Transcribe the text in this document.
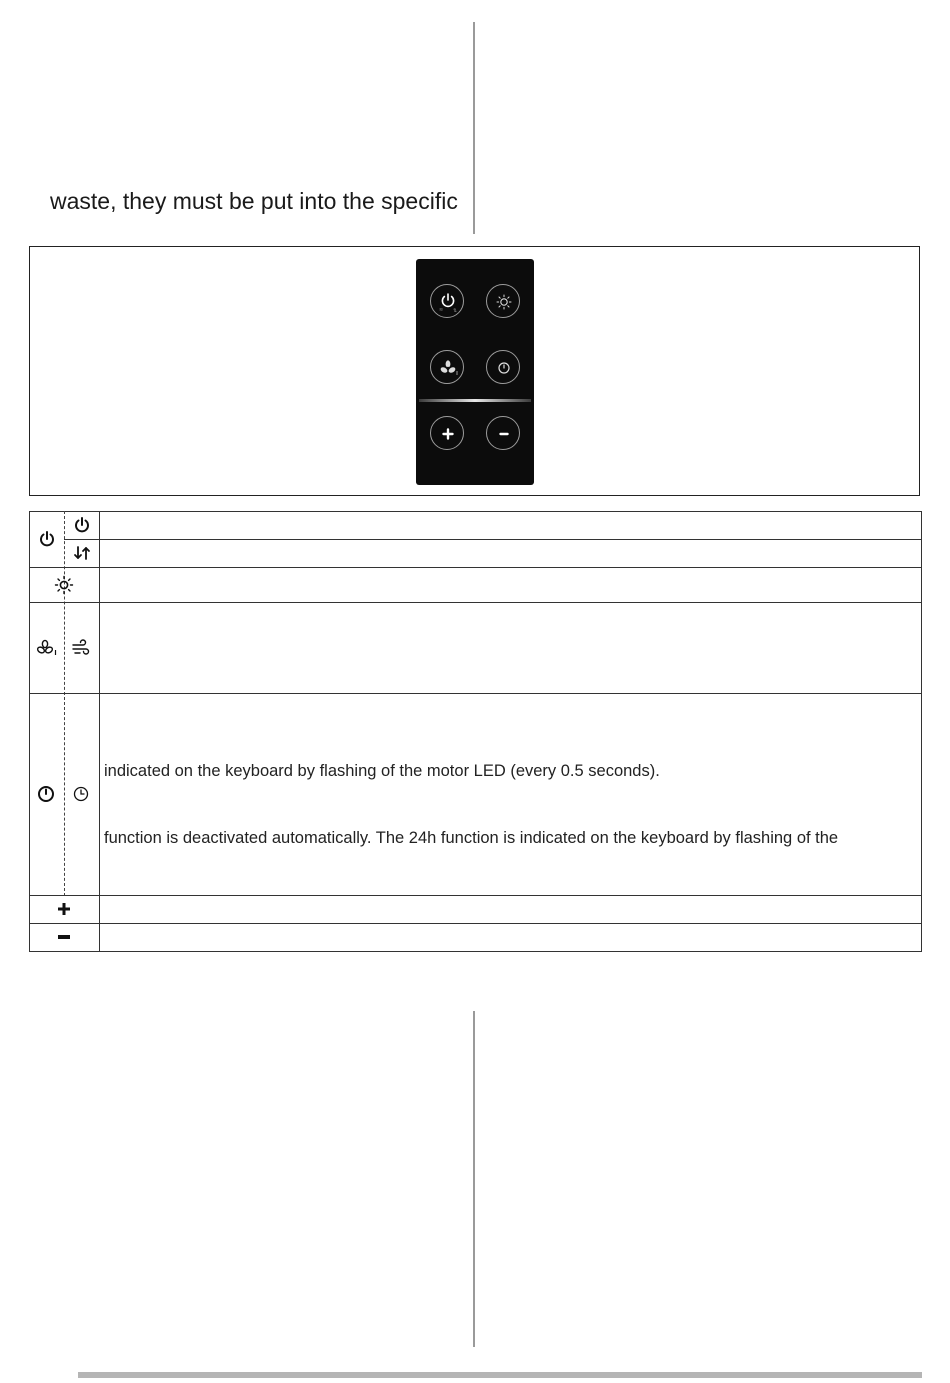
waste, they must be put into the specific
≋ ⇅
indicated on the keyboard by flashing of the motor LED (every 0.5 seconds).
function is deactivated automatically. The 24h function is indicated on the keyboard by flashing of the
